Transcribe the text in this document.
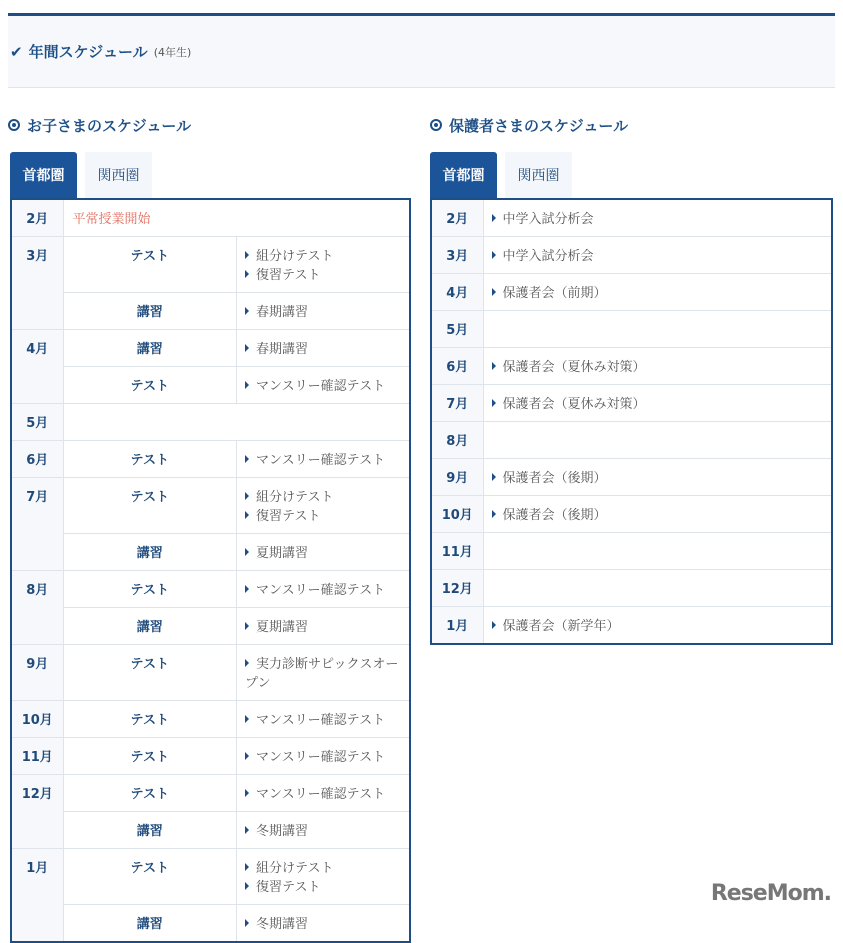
✔ 年間スケジュール (4年生)
お子さまのスケジュール
首都圏	関西圏
2月	平常授業開始	
3月	テスト	組分けテスト
復習テスト

	講習	春期講習

4月	講習	春期講習

	テスト	マンスリー確認テスト

5月		
6月	テスト	マンスリー確認テスト

7月	テスト	組分けテスト
復習テスト

	講習	夏期講習

8月	テスト	マンスリー確認テスト

	講習	夏期講習

9月	テスト	実力診断サピックスオープン

10月	テスト	マンスリー確認テスト

11月	テスト	マンスリー確認テスト

12月	テスト	マンスリー確認テスト

	講習	冬期講習

1月	テスト	組分けテスト
復習テスト

	講習	冬期講習
保護者さまのスケジュール
首都圏	関西圏
2月	中学入試分析会

3月	中学入試分析会

4月	保護者会（前期）

5月	
6月	保護者会（夏休み対策）

7月	保護者会（夏休み対策）

8月	
9月	保護者会（後期）

10月	保護者会（後期）

11月	
12月	
1月	保護者会（新学年）
ReseMom.
